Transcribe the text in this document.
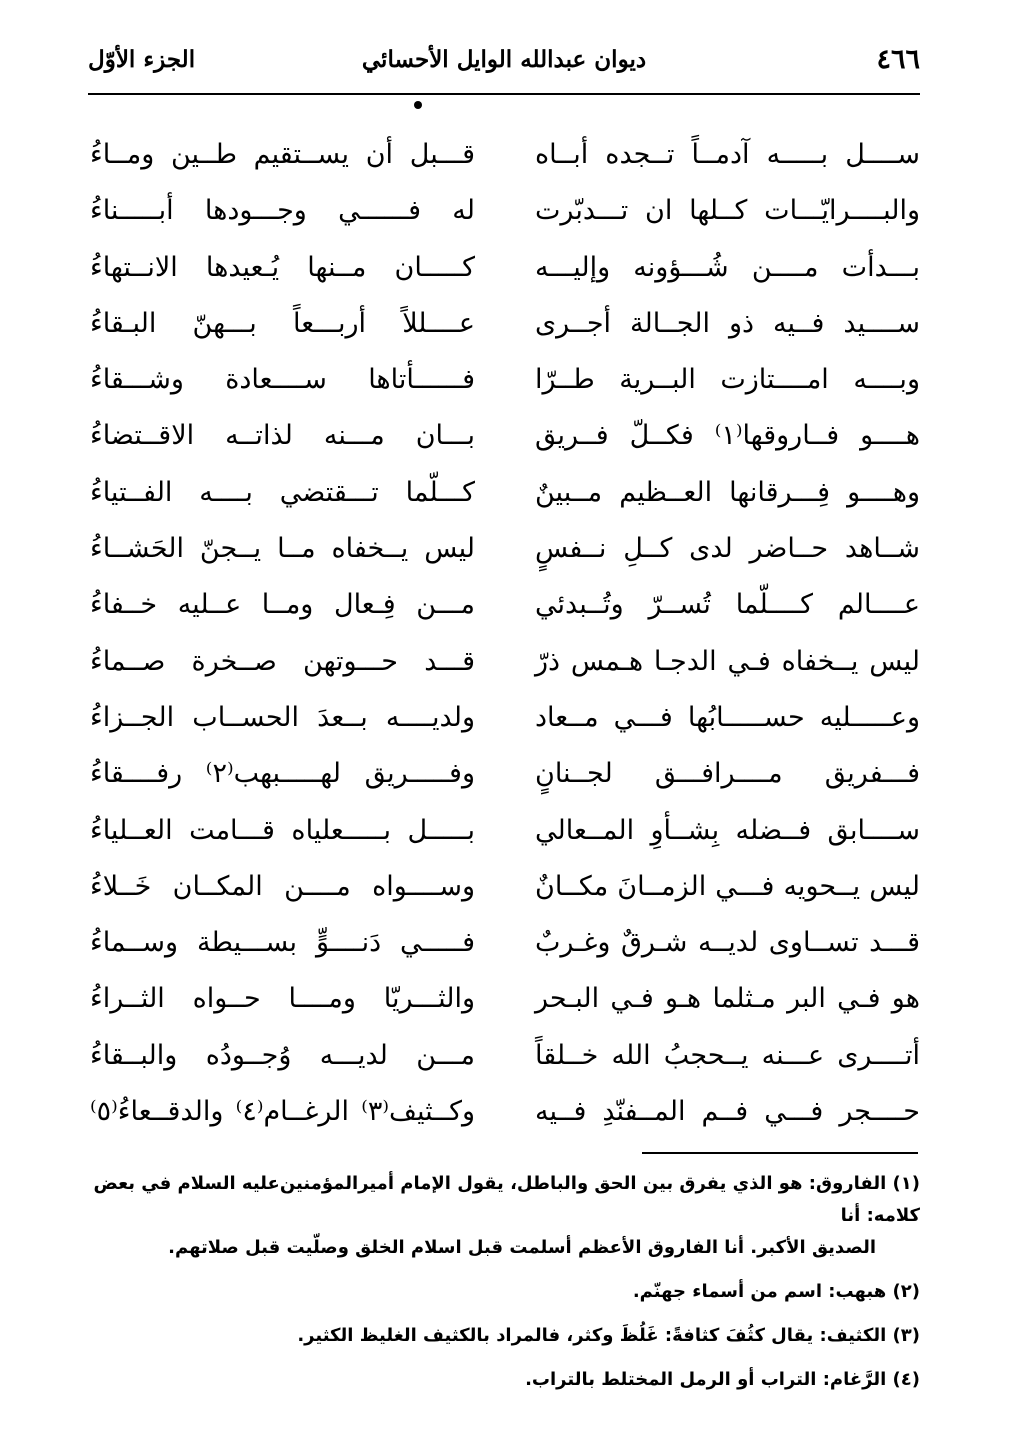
٤٦٦
ديوان عبدالله الوايل الأحسائي
الجزء الأوّل
ســــل بـــــه آدمــاً تــجده أبــاه
قـــبل أن يســتقيم طــين ومــاءُ
والبــــرايّـــات كــلها ان تـــدبّرت
له فــــــي وجـــودها أبـــــناءُ
بـــدأت مــــن شُـــؤونه وإليـــه
كـــــان مــنها يُـعيدها الانــتهاءُ
ســــيد فــيه ذو الجــالة أجــرى
عــــللاً أربـــعاً بـــهنّ البـقاءُ
وبــــه امــــتازت البــرية طــرّا
فــــــأتاها ســــعادة وشـــقاءُ
هــــو فــاروقها⁽١⁾ فكــلّ فــريق
بـــان مـــنه لذاتــه الاقــتضاءُ
وهــــو فِـــرقانها العــظيم مــبينٌ
كـــلّما تـــقتضي بــــه الفــتياءُ
شــاهد حــاضر لدى كــلِ نــفسٍ
ليس يــخفاه مــا يــجنّ الحَشــاءُ
عــــالم كــــلّما تُســرّ وتُــبدئي
مـــن فِـعال ومــا عــليه خــفاءُ
ليس يــخفاه فـي الدجـا هـمس ذرّ
قـــد حـــوتهن صــخرة صــماءُ
وعـــــليه حســـــابُها فـــي مــعاد
ولديــــه بــعدَ الحســاب الجــزاءُ
فـــفريق مــــرافـــق لجــنانٍ
وفـــــريق لهـــــبهب⁽٢⁾ رفــــقاءُ
ســــابق فــضله بِشــأوِ المــعالي
بـــــل بـــــعلياه قـــامت العــلياءُ
ليس يــحويه فـــي الزمــانَ مكــانٌ
وســــواه مــــن المكــان خَــلاءُ
قـــد تســاوى لديــه شـرقٌ وغـربٌ
فـــــي دَنــــوٍّ بســـيطة وســماءُ
هو فـي البر مـثلما هـو فـي البـحر
والثـــريّا ومــــا حــواه الثــراءُ
أتــــرى عـــنه يــحجبُ الله خــلقاً
مـــن لديـــه وُجــودُه والبــقاءُ
حــــجر فـــي فــم المــفنّدِ فــيه
وكــثيف⁽٣⁾ الرغــام⁽٤⁾ والدقــعاءُ⁽٥⁾
(١) الفاروق: هو الذي يفرق بين الحق والباطل، يقول الإمام أميرالمؤمنين‌عليه السلام في بعض كلامه: أنا
الصديق الأكبر. أنا الفاروق الأعظم أسلمت قبل اسلام الخلق وصلّيت قبل صلاتهم.
(٢) هبهب: اسم من أسماء جهنّم.
(٣) الكثيف: يقال كثُفَ كثافةً: غَلُظَ وكثر، فالمراد بالكثيف الغليظ الكثير.
(٤) الرَّغام: التراب أو الرمل المختلط بالتراب.
